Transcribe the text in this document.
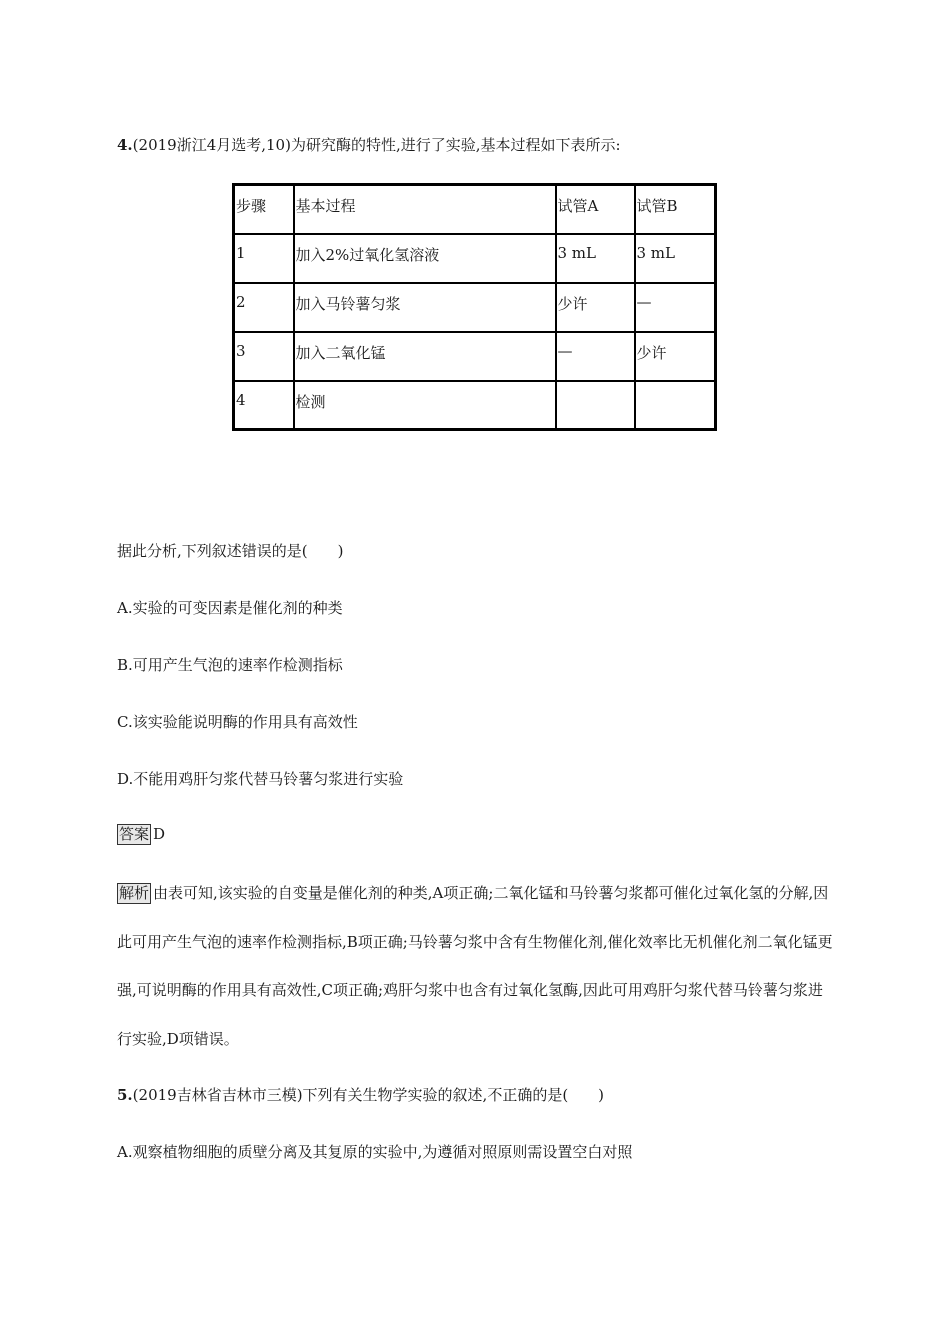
4.(2019浙江4月选考,10)为研究酶的特性,进行了实验,基本过程如下表所示:
步骤	基本过程	试管A	试管B
1	加入2%过氧化氢溶液	3 mL	3 mL
2	加入马铃薯匀浆	少许	—
3	加入二氧化锰	—	少许
4	检测		
据此分析,下列叙述错误的是(　　)
A.实验的可变因素是催化剂的种类
B.可用产生气泡的速率作检测指标
C.该实验能说明酶的作用具有高效性
D.不能用鸡肝匀浆代替马铃薯匀浆进行实验
答案 D

解析 由表可知,该实验的自变量是催化剂的种类,A项正确;二氧化锰和马铃薯匀浆都可催化过氧化氢的分解,因此可用产生气泡的速率作检测指标,B项正确;马铃薯匀浆中含有生物催化剂,催化效率比无机催化剂二氧化锰更强,可说明酶的作用具有高效性,C项正确;鸡肝匀浆中也含有过氧化氢酶,因此可用鸡肝匀浆代替马铃薯匀浆进行实验,D项错误。

5.(2019吉林省吉林市三模)下列有关生物学实验的叙述,不正确的是(　　)
A.观察植物细胞的质壁分离及其复原的实验中,为遵循对照原则需设置空白对照
